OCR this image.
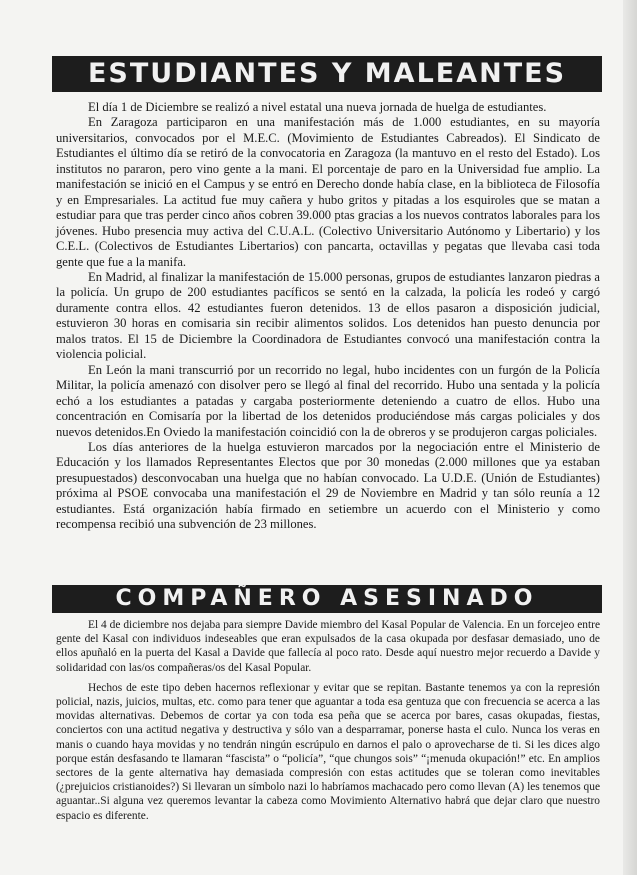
ESTUDIANTES Y MALEANTES

El día 1 de Diciembre se realizó a nivel estatal una nueva jornada de huelga de estudiantes.

En Zaragoza participaron en una manifestación más de 1.000 estudiantes, en su mayoría universitarios, convocados por el M.E.C. (Movimiento de Estudiantes Cabreados). El Sindicato de Estudiantes el último día se retiró de la convocatoria en Zaragoza (la mantuvo en el resto del Estado). Los institutos no pararon, pero vino gente a la mani. El porcentaje de paro en la Universidad fue amplio. La manifestación se inició en el Campus y se entró en Derecho donde había clase, en la biblioteca de Filosofía y en Empresariales. La actitud fue muy cañera y hubo gritos y pitadas a los esquiroles que se matan a estudiar para que tras perder cinco años cobren 39.000 ptas gracias a los nuevos contratos laborales para los jóvenes. Hubo presencia muy activa del C.U.A.L. (Colectivo Universitario Autónomo y Libertario) y los C.E.L. (Colectivos de Estudiantes Libertarios) con pancarta, octavillas y pegatas que llevaba casi toda gente que fue a la manifa.

En Madrid, al finalizar la manifestación de 15.000 personas, grupos de estudiantes lanzaron piedras a la policía. Un grupo de 200 estudiantes pacíficos se sentó en la calzada, la policía les rodeó y cargó duramente contra ellos. 42 estudiantes fueron detenidos. 13 de ellos pasaron a disposición judicial, estuvieron 30 horas en comisaria sin recibir alimentos solidos. Los detenidos han puesto denuncia por malos tratos. El 15 de Diciembre la Coordinadora de Estudiantes convocó una manifestación contra la violencia policial.

En León la mani transcurrió por un recorrido no legal, hubo incidentes con un furgón de la Policía Militar, la policía amenazó con disolver pero se llegó al final del recorrido. Hubo una sentada y la policía echó a los estudiantes a patadas y cargaba posteriormente deteniendo a cuatro de ellos. Hubo una concentración en Comisaría por la libertad de los detenidos produciéndose más cargas policiales y dos nuevos detenidos.En Oviedo la manifestación coincidió con la de obreros y se produjeron cargas policiales.

Los días anteriores de la huelga estuvieron marcados por la negociación entre el Ministerio de Educación y los llamados Representantes Electos que por 30 monedas (2.000 millones que ya estaban presupuestados) desconvocaban una huelga que no habían convocado. La U.D.E. (Unión de Estudiantes) próxima al PSOE convocaba una manifestación el 29 de Noviembre en Madrid y tan sólo reunía a 12 estudiantes. Está organización había firmado en setiembre un acuerdo con el Ministerio y como recompensa recibió una subvención de 23 millones.

COMPAÑERO ASESINADO

El 4 de diciembre nos dejaba para siempre Davide miembro del Kasal Popular de Valencia. En un forcejeo entre gente del Kasal con individuos indeseables que eran expulsados de la casa okupada por desfasar demasiado, uno de ellos apuñaló en la puerta del Kasal a Davide que fallecía al poco rato. Desde aquí nuestro mejor recuerdo a Davide y solidaridad con las/os compañeras/os del Kasal Popular.

Hechos de este tipo deben hacernos reflexionar y evitar que se repitan. Bastante tenemos ya con la represión policial, nazis, juicios, multas, etc. como para tener que aguantar a toda esa gentuza que con frecuencia se acerca a las movidas alternativas. Debemos de cortar ya con toda esa peña que se acerca por bares, casas okupadas, fiestas, conciertos con una actitud negativa y destructiva y sólo van a desparramar, ponerse hasta el culo. Nunca los veras en manis o cuando haya movidas y no tendrán ningún escrúpulo en darnos el palo o aprovecharse de ti. Si les dices algo porque están desfasando te llamaran “fascista” o “policía”, “que chungos sois” “¡menuda okupación!” etc. En amplios sectores de la gente alternativa hay demasiada compresión con estas actitudes que se toleran como inevitables (¿prejuicios cristianoides?) Si llevaran un símbolo nazi lo habríamos machacado pero como llevan (A) les tenemos que aguantar..Si alguna vez queremos levantar la cabeza como Movimiento Alternativo habrá que dejar claro que nuestro espacio es diferente.
